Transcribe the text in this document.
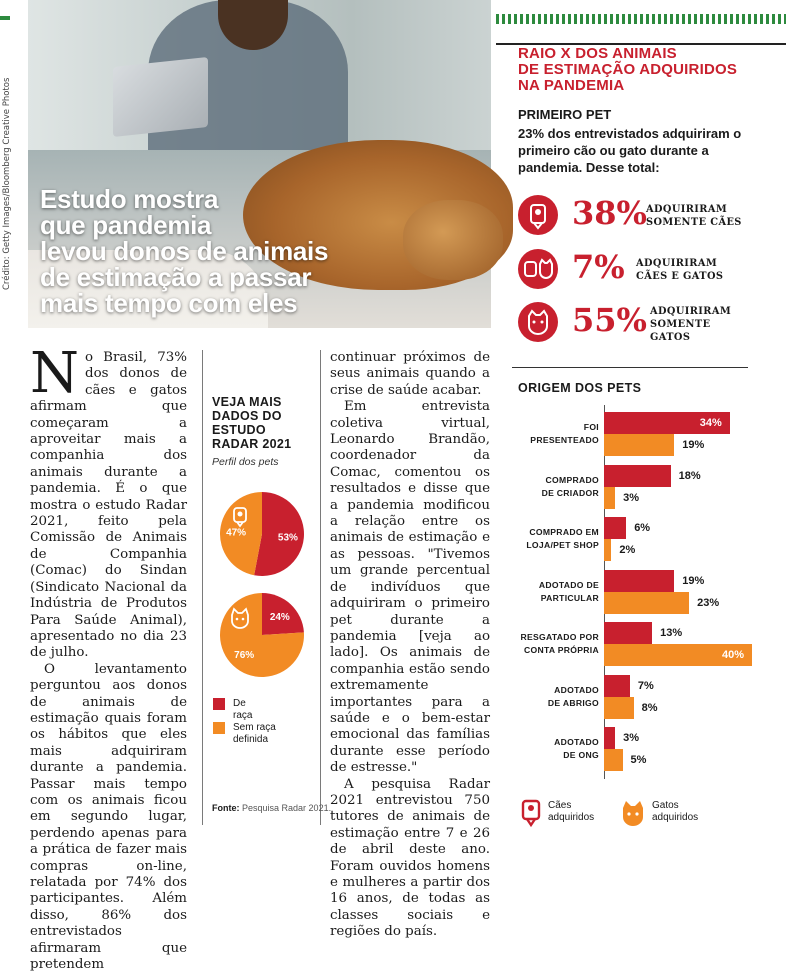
Crédito: Getty Images/Bloomberg Creative Photos Estudo mostra
que pandemia
levou donos de animais
de estimação a passar
mais tempo com eles

No Brasil, 73% dos donos de cães e gatos afirmam que começaram a aproveitar mais a companhia dos animais durante a pandemia. É o que mostra o estudo Radar 2021, feito pela Comissão de Animais de Companhia (Comac) do Sindan (Sindicato Nacional da Indústria de Produtos Para Saúde Animal), apresentado no dia 23 de julho.

O levantamento perguntou aos donos de animais de estimação quais foram os hábitos que eles mais adquiriram durante a pandemia. Passar mais tempo com os animais ficou em segundo lugar, perdendo apenas para a prática de fazer mais compras on-line, relatada por 74% dos participantes. Além disso, 86% dos entrevistados afirmaram que pretendem

VEJA MAIS
DADOS DO
ESTUDO
RADAR 2021
Perfil dos pets
53%
47%
24%
76%
De raça
Sem raça definida
Fonte: Pesquisa Radar 2021.

continuar próximos de seus animais quando a crise de saúde acabar.

Em entrevista coletiva virtual, Leonardo Brandão, coordenador da Comac, comentou os resultados e disse que a pandemia modificou a relação entre os animais de estimação e as pessoas. "Tivemos um grande percentual de indivíduos que adquiriram o primeiro pet durante a pandemia [veja ao lado]. Os animais de companhia estão sendo extremamente importantes para a saúde e o bem-estar emocional das famílias durante esse período de estresse."

A pesquisa Radar 2021 entrevistou 750 tutores de animais de estimação entre 7 e 26 de abril deste ano. Foram ouvidos homens e mulheres a partir dos 16 anos, de todas as classes sociais e regiões do país.

RAIO X DOS ANIMAIS
DE ESTIMAÇÃO ADQUIRIDOS
NA PANDEMIA
PRIMEIRO PET
23% dos entrevistados adquiriram o primeiro cão ou gato durante a pandemia. Desse total:
38% ADQUIRIRAM
SOMENTE CÃES
7% ADQUIRIRAM
CÃES E GATOS
55% ADQUIRIRAM
SOMENTE
GATOS
ORIGEM DOS PETS
FOI
PRESENTEADO
34%
19%
COMPRADO
DE CRIADOR
18%
3%
COMPRADO EM
LOJA/PET SHOP
6%
2%
ADOTADO DE
PARTICULAR
19%
23%
RESGATADO POR
CONTA PRÓPRIA
13%
40%
ADOTADO
DE ABRIGO
7%
8%
ADOTADO
DE ONG
3%
5%
Cães adquiridos
Gatos adquiridos
